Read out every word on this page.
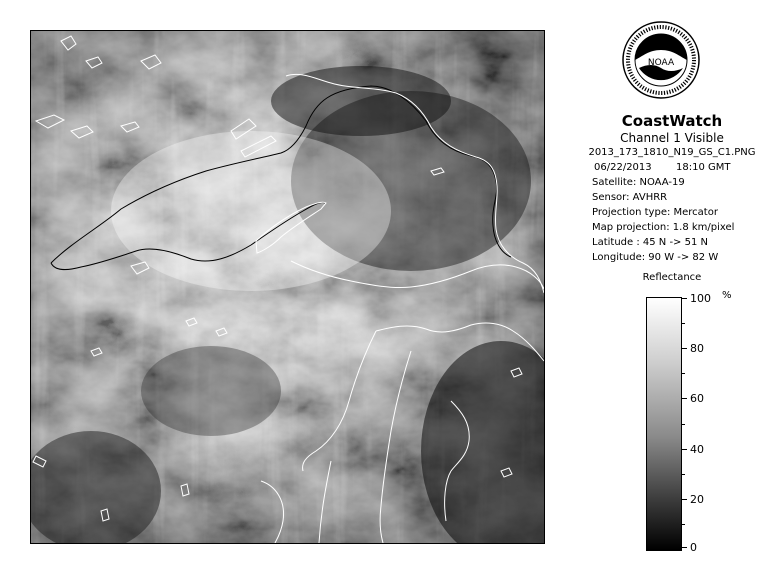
NOAA
CoastWatch
Channel 1 Visible
2013_173_1810_N19_GS_C1.PNG
06/22/2013 18:10 GMT
Satellite: NOAA-19
Sensor: AVHRR
Projection type: Mercator
Map projection: 1.8 km/pixel
Latitude : 45 N -> 51 N
Longitude: 90 W -> 82 W
Reflectance
%
100
80
60
40
20
0
